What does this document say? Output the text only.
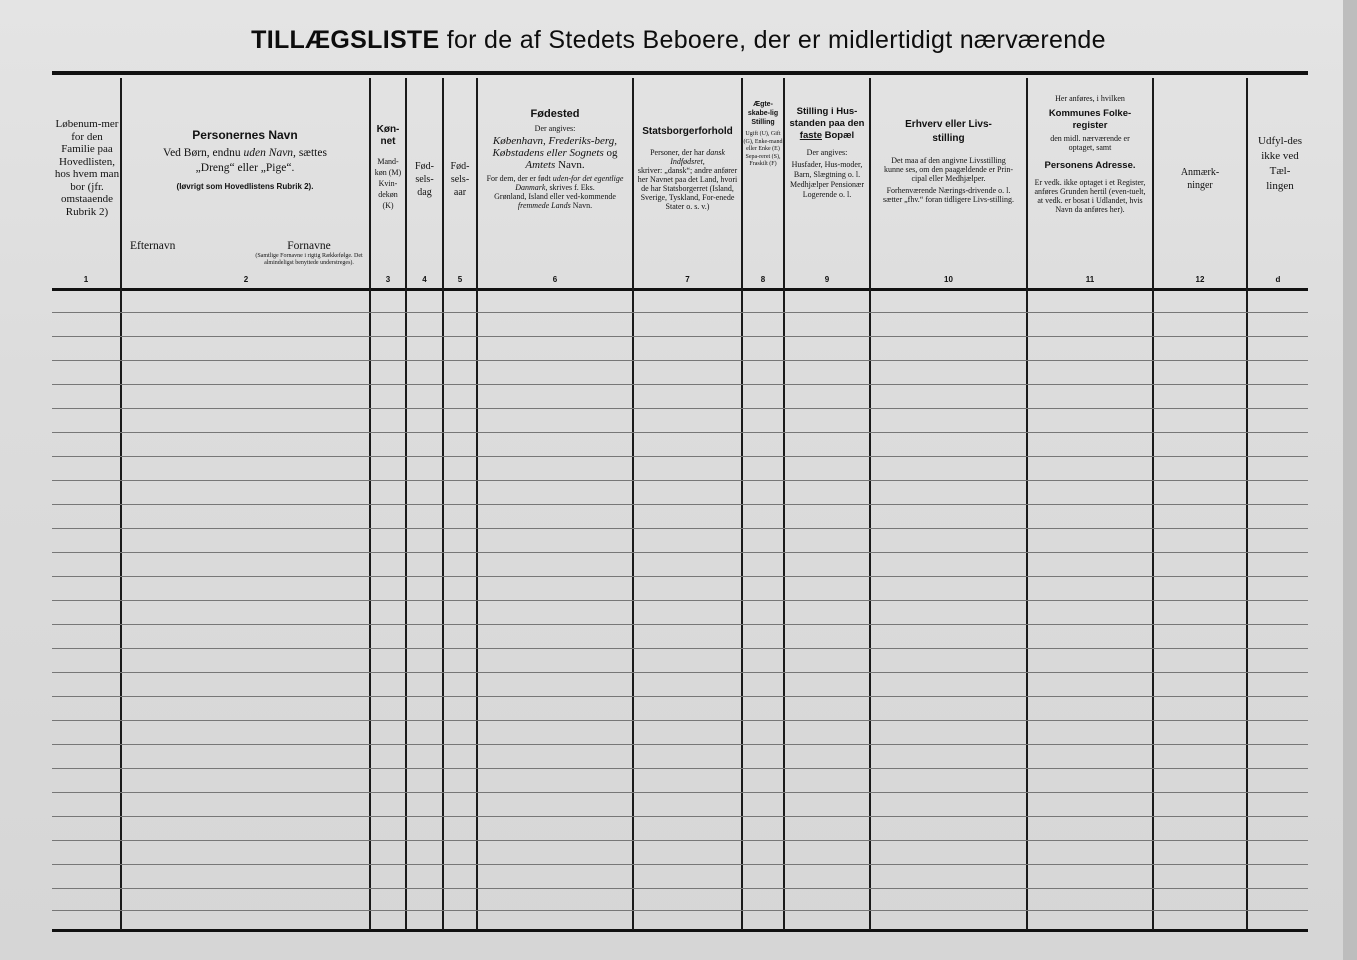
TILLÆGSLISTE for de af Stedets Beboere, der er midlertidigt nærværende
Løbenum-mer for den Familie paa Hovedlisten, hos hvem man bor (jfr. omstaaende Rubrik 2)
1
Personernes Navn
Ved Børn, endnu uden Navn, sættes
„Dreng“ eller „Pige“.
(Iøvrigt som Hovedlistens Rubrik 2).
Efternavn	Fornavne
(Samtlige Fornavne i rigtig Rækkefølge. Det almindeligst benyttede understreges).
2
Køn-net
Mand-køn (M) Kvin-dekøn (K)
3
Fød-sels-dag
4
Fød-sels-aar
5
Fødested
Der angives:
København, Frederiks-berg, Købstadens eller Sognets og Amtets Navn.
For dem, der er født uden-for det egentlige Danmark, skrives f. Eks.
Grønland, Island eller ved-kommende fremmede Lands Navn.
6
Statsborgerforhold
Personer, der har dansk Indfødsret,
skriver: „dansk“; andre anfører her Navnet paa det Land, hvori de har Statsborgerret (Island, Sverige, Tyskland, For-enede Stater o. s. v.)
7
Ægte-skabe-lig Stilling
Ugift (U), Gift (G), Enke-mand eller Enke (E) Sepa-reret (S), Fraskilt (F)
8
Stilling i Hus-standen paa den faste Bopæl
Der angives:
Husfader, Hus-moder, Barn, Slægtning o. l. Medhjælper Pensionær Logerende o. l.
9
Erhverv eller Livs-stilling
Det maa af den angivne Livsstilling kunne ses, om den paagældende er Prin-cipal eller Medhjælper.
Forhenværende Nærings-drivende o. l. sætter „fhv.“ foran tidligere Livs-stilling.
10
Her anføres, i hvilken
Kommunes Folke-register
den midl. nærværende er optaget, samt
Personens Adresse.
Er vedk. ikke optaget i et Register, anføres Grunden hertil (even-tuelt, at vedk. er bosat i Udlandet, hvis Navn da anføres her).
11
Anmærk-ninger
12
Udfyl-des ikke ved Tæl-lingen
d
